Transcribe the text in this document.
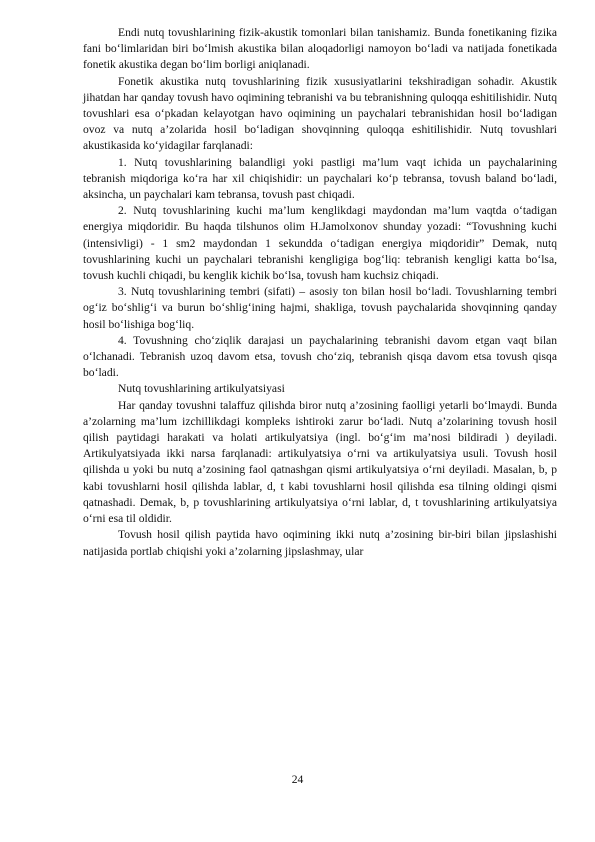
Endi nutq tovushlarining fizik-akustik tomonlari bilan tanishamiz. Bunda fonetikaning fizika fani bo‘limlaridan biri bo‘lmish akustika bilan aloqadorligi namoyon bo‘ladi va natijada fonetikada fonetik akustika degan bo‘lim borligi aniqlanadi.

Fonetik akustika nutq tovushlarining fizik xususiyatlarini tekshiradigan sohadir. Akustik jihatdan har qanday tovush havo oqimining tebranishi va bu tebranishning quloqqa eshitilishidir. Nutq tovushlari esa o‘pkadan kelayotgan havo oqimining un paychalari tebranishidan hosil bo‘ladigan ovoz va nutq a’zolarida hosil bo‘ladigan shovqinning quloqqa eshitilishidir. Nutq tovushlari akustikasida ko‘yidagilar farqlanadi:

1. Nutq tovushlarining balandligi yoki pastligi ma’lum vaqt ichida un paychalarining tebranish miqdoriga ko‘ra har xil chiqishidir: un paychalari ko‘p tebransa, tovush baland bo‘ladi, aksincha, un paychalari kam tebransa, tovush past chiqadi.

2. Nutq tovushlarining kuchi ma’lum kenglikdagi maydondan ma’lum vaqtda o‘tadigan energiya miqdoridir. Bu haqda tilshunos olim H.Jamolxonov shunday yozadi: “Tovushning kuchi (intensivligi) - 1 sm2 maydondan 1 sekundda o‘tadigan energiya miqdoridir” Demak, nutq tovushlarining kuchi un paychalari tebranishi kengligiga bog‘liq: tebranish kengligi katta bo‘lsa, tovush kuchli chiqadi, bu kenglik kichik bo‘lsa, tovush ham kuchsiz chiqadi.

3. Nutq tovushlarining tembri (sifati) – asosiy ton bilan hosil bo‘ladi. Tovushlarning tembri og‘iz bo‘shlig‘i va burun bo‘shlig‘ining hajmi, shakliga, tovush paychalarida shovqinning qanday hosil bo‘lishiga bog‘liq.

4. Tovushning cho‘ziqlik darajasi un paychalarining tebranishi davom etgan vaqt bilan o‘lchanadi. Tebranish uzoq davom etsa, tovush cho‘ziq, tebranish qisqa davom etsa tovush qisqa bo‘ladi.

Nutq tovushlarining artikulyatsiyasi

Har qanday tovushni talaffuz qilishda biror nutq a’zosining faolligi yetarli bo‘lmaydi. Bunda a’zolarning ma’lum izchillikdagi kompleks ishtiroki zarur bo‘ladi. Nutq a’zolarining tovush hosil qilish paytidagi harakati va holati artikulyatsiya (ingl. bo‘g‘im ma’nosi bildiradi ) deyiladi. Artikulyatsiyada ikki narsa farqlanadi: artikulyatsiya o‘rni va artikulyatsiya usuli. Tovush hosil qilishda u yoki bu nutq a’zosining faol qatnashgan qismi artikulyatsiya o‘rni deyiladi. Masalan, b, p kabi tovushlarni hosil qilishda lablar, d, t kabi tovushlarni hosil qilishda esa tilning oldingi qismi qatnashadi. Demak, b, p tovushlarining artikulyatsiya o‘rni lablar, d, t tovushlarining artikulyatsiya o‘rni esa til oldidir.

Tovush hosil qilish paytida havo oqimining ikki nutq a’zosining bir-biri bilan jipslashishi natijasida portlab chiqishi yoki a’zolarning jipslashmay, ular

24
